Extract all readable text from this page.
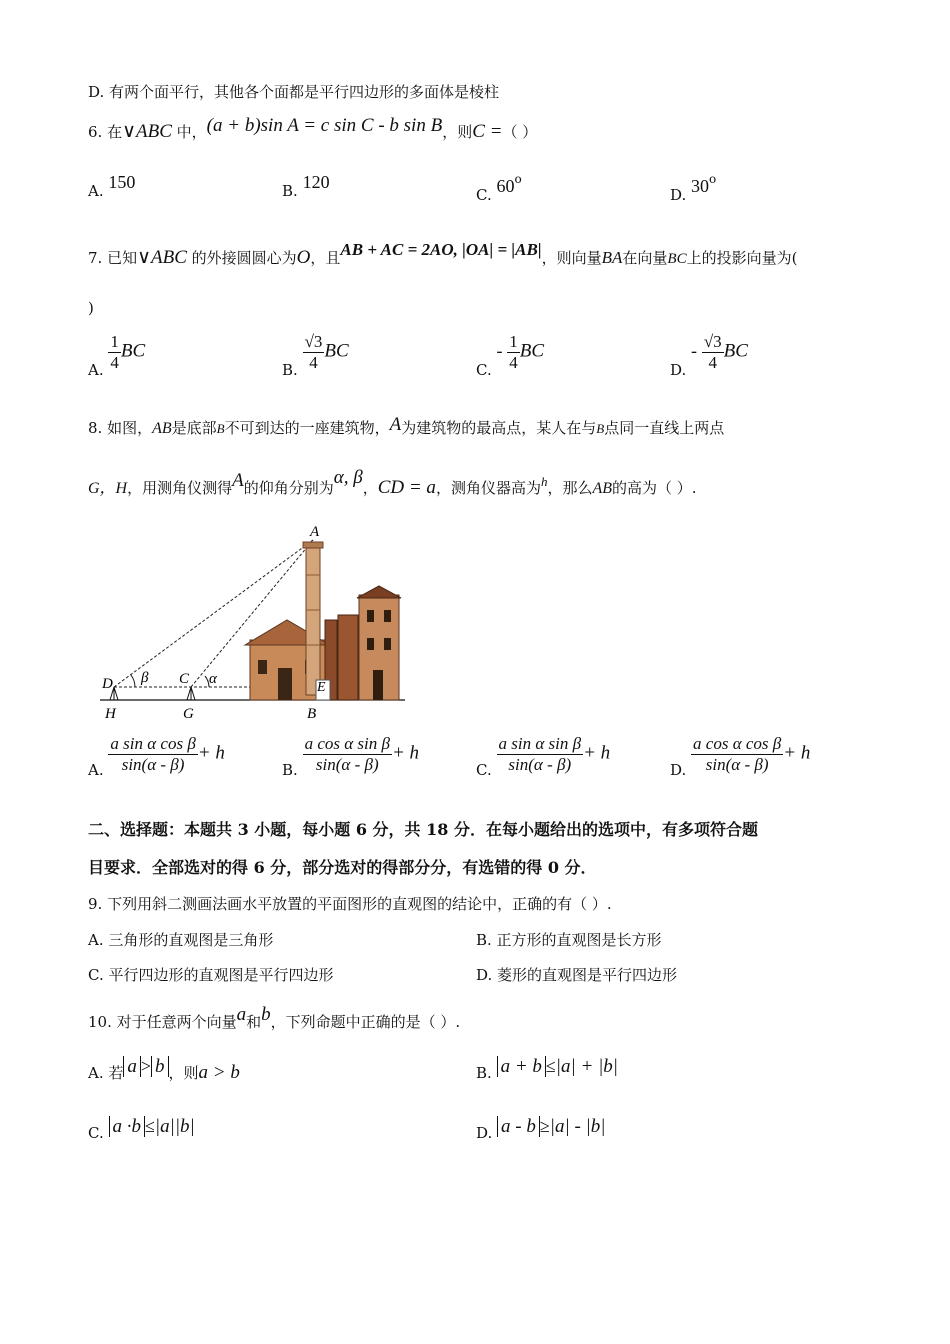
D. 有两个面平行，其他各个面都是平行四边形的多面体是棱柱
6. 在∨ABC 中，(a + b)sin A = c sin C - b sin B，则C =（ ）
A. 150	B. 120
C. 60$^o$
D. 30$^o$
7. 已知∨ABC 的外接圆圆心为O，且AB + AC = 2AO, |OA| = |AB|，则向量BA在向量BC上的投影向量为(
)
A. $\frac{1}{4}$ BC
B. $\frac{√3}{4}$ BC
C. - $\frac{1}{4}$ BC
D. - $\frac{√3}{4}$ BC
8. 如图，AB是底部B不可到达的一座建筑物，A为建筑物的最高点，某人在与B点同一直线上两点
G，H，用测角仪测得A的仰角分别为α, β，CD = a，测角仪器高为h，那么AB的高为（ ）.
A
D	C
E
H	G	B
β	α
A. $\frac{\text{a sin α cos β}}{\sin(\alpha - \beta)} + h$
B. $\frac{\text{a cos α sin β}}{\sin(\alpha - \beta)} + h$
C. $\frac{\text{a sin α sin β}}{\sin(\alpha - \beta)} + h$
D. $\frac{\text{a cos α cos β}}{\sin(\alpha - \beta)} + h$
二、选择题：本题共 3 小题，每小题 6 分，共 18 分．在每小题给出的选项中，有多项符合题
目要求．全部选对的得 6 分，部分选对的得部分分，有选错的得 0 分．
9. 下列用斜二测画法画水平放置的平面图形的直观图的结论中，正确的有（ ）.
A. 三角形的直观图是三角形	B. 正方形的直观图是长方形
C. 平行四边形的直观图是平行四边形	D. 菱形的直观图是平行四边形
10. 对于任意两个向量a和b，下列命题中正确的是（ ）.
A. 若 a > b ，则a > b	B. a + b ≤|a| + |b|
C. a ·b ≤|a||b|	D. a - b ≥|a| - |b|
